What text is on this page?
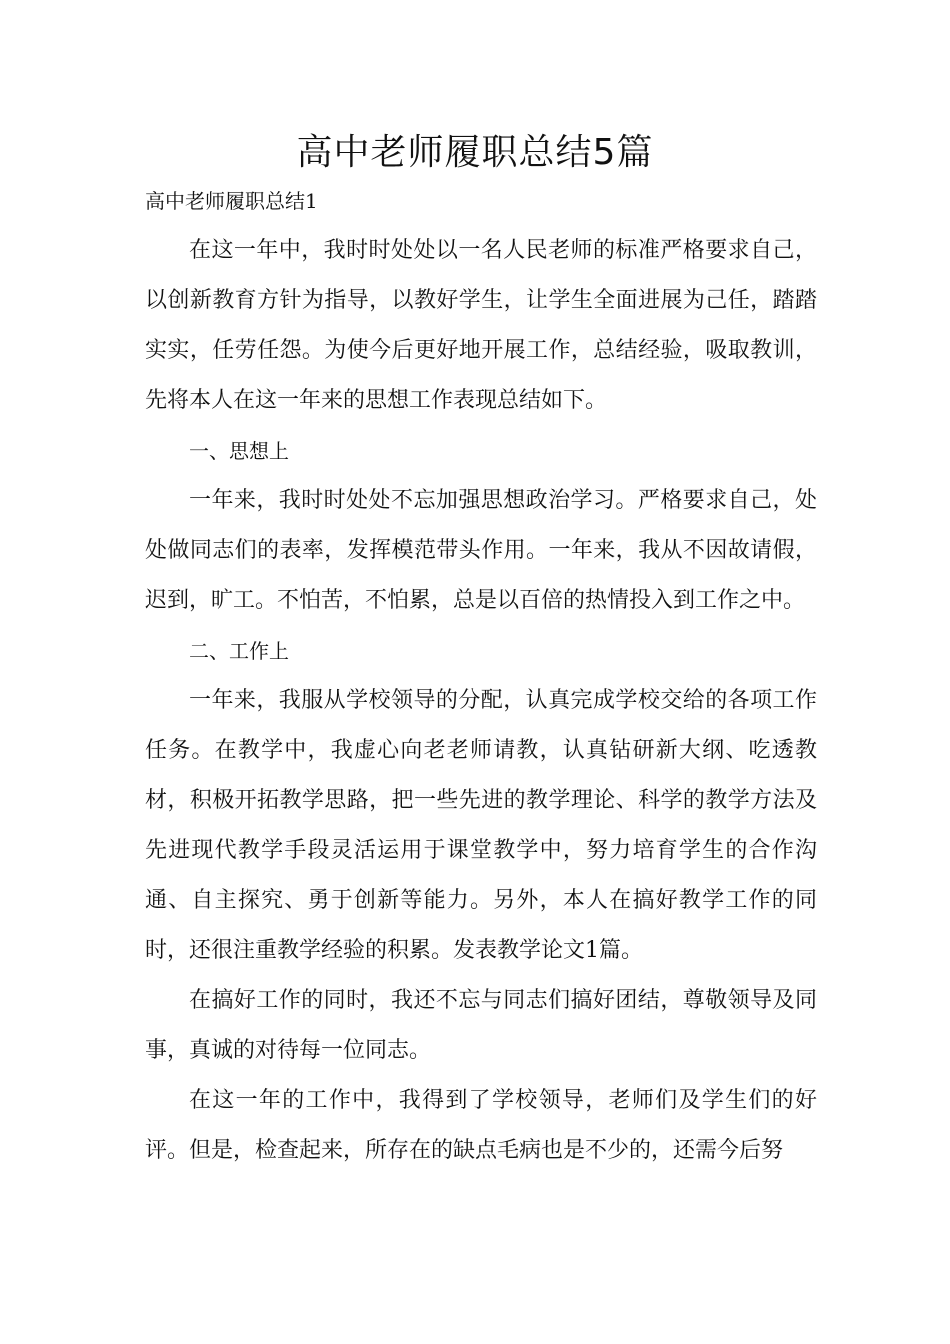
高中老师履职总结5篇
高中老师履职总结1

在这一年中，我时时处处以一名人民老师的标准严格要求自己，以创新教育方针为指导，以教好学生，让学生全面进展为己任，踏踏实实，任劳任怨。为使今后更好地开展工作，总结经验，吸取教训，先将本人在这一年来的思想工作表现总结如下。

一、思想上

一年来，我时时处处不忘加强思想政治学习。严格要求自己，处处做同志们的表率，发挥模范带头作用。一年来，我从不因故请假，迟到，旷工。不怕苦，不怕累，总是以百倍的热情投入到工作之中。

二、工作上

一年来，我服从学校领导的分配，认真完成学校交给的各项工作任务。在教学中，我虚心向老老师请教，认真钻研新大纲、吃透教材，积极开拓教学思路，把一些先进的教学理论、科学的教学方法及先进现代教学手段灵活运用于课堂教学中，努力培育学生的合作沟通、自主探究、勇于创新等能力。另外，本人在搞好教学工作的同时，还很注重教学经验的积累。发表教学论文1篇。

在搞好工作的同时，我还不忘与同志们搞好团结，尊敬领导及同事，真诚的对待每一位同志。

在这一年的工作中，我得到了学校领导，老师们及学生们的好评。但是，检查起来，所存在的缺点毛病也是不少的，还需今后努
